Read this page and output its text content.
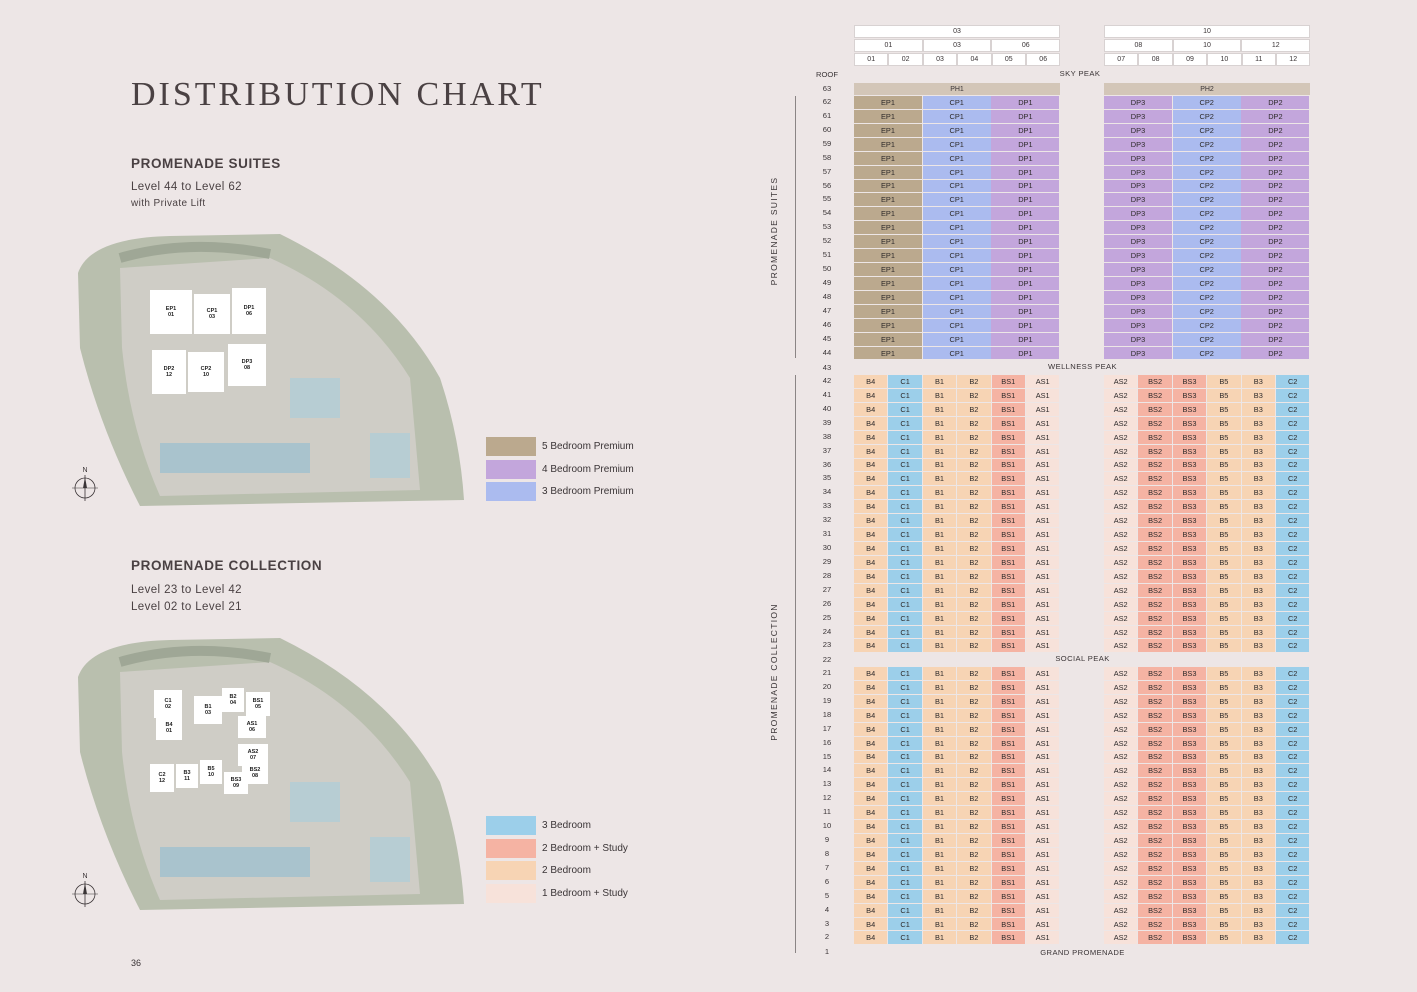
DISTRIBUTION CHART
PROMENADE SUITES
Level 44 to Level 62
with Private Lift
PROMENADE COLLECTION
Level 23 to Level 42
Level 02 to Level 21
EP1
01
CP1
03
DP1
06
DP2
12
CP2
10
DP3
08
C1
02
B2
04	BS1
05
B1
03
B4
01
AS1
06
AS2
07
C2
12
B3
11
B5
10
BS2
08
BS3
09
N
N
5 Bedroom Premium
4 Bedroom Premium
3 Bedroom Premium
3 Bedroom
2 Bedroom + Study
2 Bedroom
1 Bedroom + Study
36
03	10
01	03	06	08	10	12
01	02	03	04	05	06	07	08	09	10	11	12
PH1	PH2
62	EP1	CP1	DP1	DP3	CP2	DP2
61	EP1	CP1	DP1	DP3	CP2	DP2
60	EP1	CP1	DP1	DP3	CP2	DP2
59	EP1	CP1	DP1	DP3	CP2	DP2
58	EP1	CP1	DP1	DP3	CP2	DP2
57	EP1	CP1	DP1	DP3	CP2	DP2
56	EP1	CP1	DP1	DP3	CP2	DP2
55	EP1	CP1	DP1	DP3	CP2	DP2
54	EP1	CP1	DP1	DP3	CP2	DP2
53	EP1	CP1	DP1	DP3	CP2	DP2
52	EP1	CP1	DP1	DP3	CP2	DP2
51	EP1	CP1	DP1	DP3	CP2	DP2
50	EP1	CP1	DP1	DP3	CP2	DP2
49	EP1	CP1	DP1	DP3	CP2	DP2
48	EP1	CP1	DP1	DP3	CP2	DP2
47	EP1	CP1	DP1	DP3	CP2	DP2
46	EP1	CP1	DP1	DP3	CP2	DP2
45	EP1	CP1	DP1	DP3	CP2	DP2
44	EP1	CP1	DP1	DP3	CP2	DP2
42	B4	C1	B1	B2	BS1	AS1	AS2	BS2	BS3	B5	B3	C2
41	B4	C1	B1	B2	BS1	AS1	AS2	BS2	BS3	B5	B3	C2
40	B4	C1	B1	B2	BS1	AS1	AS2	BS2	BS3	B5	B3	C2
39	B4	C1	B1	B2	BS1	AS1	AS2	BS2	BS3	B5	B3	C2
38	B4	C1	B1	B2	BS1	AS1	AS2	BS2	BS3	B5	B3	C2
37	B4	C1	B1	B2	BS1	AS1	AS2	BS2	BS3	B5	B3	C2
36	B4	C1	B1	B2	BS1	AS1	AS2	BS2	BS3	B5	B3	C2
35	B4	C1	B1	B2	BS1	AS1	AS2	BS2	BS3	B5	B3	C2
34	B4	C1	B1	B2	BS1	AS1	AS2	BS2	BS3	B5	B3	C2
33	B4	C1	B1	B2	BS1	AS1	AS2	BS2	BS3	B5	B3	C2
32	B4	C1	B1	B2	BS1	AS1	AS2	BS2	BS3	B5	B3	C2
31	B4	C1	B1	B2	BS1	AS1	AS2	BS2	BS3	B5	B3	C2
30	B4	C1	B1	B2	BS1	AS1	AS2	BS2	BS3	B5	B3	C2
29	B4	C1	B1	B2	BS1	AS1	AS2	BS2	BS3	B5	B3	C2
28	B4	C1	B1	B2	BS1	AS1	AS2	BS2	BS3	B5	B3	C2
27	B4	C1	B1	B2	BS1	AS1	AS2	BS2	BS3	B5	B3	C2
26	B4	C1	B1	B2	BS1	AS1	AS2	BS2	BS3	B5	B3	C2
25	B4	C1	B1	B2	BS1	AS1	AS2	BS2	BS3	B5	B3	C2
24	B4	C1	B1	B2	BS1	AS1	AS2	BS2	BS3	B5	B3	C2
23	B4	C1	B1	B2	BS1	AS1	AS2	BS2	BS3	B5	B3	C2
21	B4	C1	B1	B2	BS1	AS1	AS2	BS2	BS3	B5	B3	C2
20	B4	C1	B1	B2	BS1	AS1	AS2	BS2	BS3	B5	B3	C2
19	B4	C1	B1	B2	BS1	AS1	AS2	BS2	BS3	B5	B3	C2
18	B4	C1	B1	B2	BS1	AS1	AS2	BS2	BS3	B5	B3	C2
17	B4	C1	B1	B2	BS1	AS1	AS2	BS2	BS3	B5	B3	C2
16	B4	C1	B1	B2	BS1	AS1	AS2	BS2	BS3	B5	B3	C2
15	B4	C1	B1	B2	BS1	AS1	AS2	BS2	BS3	B5	B3	C2
14	B4	C1	B1	B2	BS1	AS1	AS2	BS2	BS3	B5	B3	C2
13	B4	C1	B1	B2	BS1	AS1	AS2	BS2	BS3	B5	B3	C2
12	B4	C1	B1	B2	BS1	AS1	AS2	BS2	BS3	B5	B3	C2
11	B4	C1	B1	B2	BS1	AS1	AS2	BS2	BS3	B5	B3	C2
10	B4	C1	B1	B2	BS1	AS1	AS2	BS2	BS3	B5	B3	C2
9	B4	C1	B1	B2	BS1	AS1	AS2	BS2	BS3	B5	B3	C2
8	B4	C1	B1	B2	BS1	AS1	AS2	BS2	BS3	B5	B3	C2
7	B4	C1	B1	B2	BS1	AS1	AS2	BS2	BS3	B5	B3	C2
6	B4	C1	B1	B2	BS1	AS1	AS2	BS2	BS3	B5	B3	C2
5	B4	C1	B1	B2	BS1	AS1	AS2	BS2	BS3	B5	B3	C2
4	B4	C1	B1	B2	BS1	AS1	AS2	BS2	BS3	B5	B3	C2
3	B4	C1	B1	B2	BS1	AS1	AS2	BS2	BS3	B5	B3	C2
2	B4	C1	B1	B2	BS1	AS1	AS2	BS2	BS3	B5	B3	C2
SKY PEAK
ROOF
63
WELLNESS PEAK
43
SOCIAL PEAK
22
GRAND PROMENADE
1
PROMENADE SUITES
PROMENADE COLLECTION
